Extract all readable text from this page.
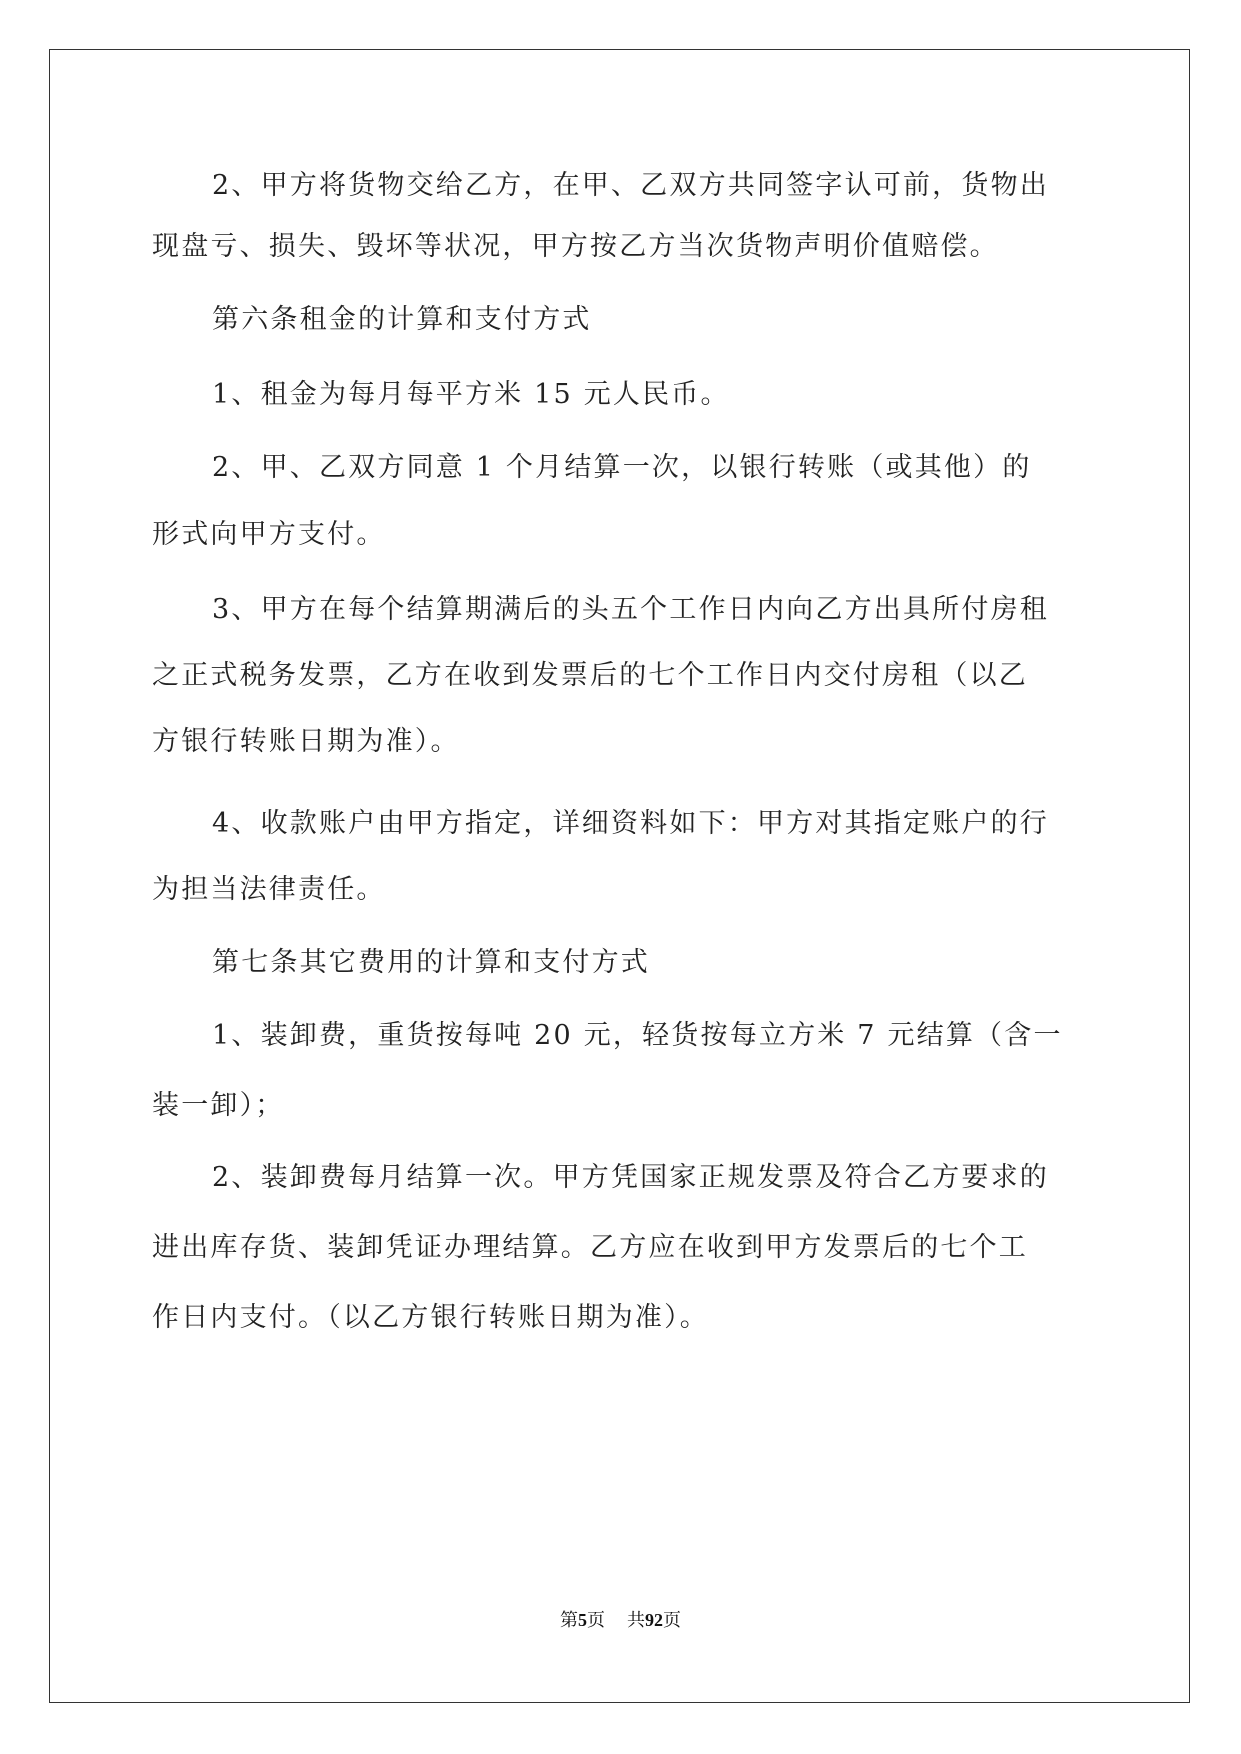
2、甲方将货物交给乙方，在甲、乙双方共同签字认可前，货物出
现盘亏、损失、毁坏等状况，甲方按乙方当次货物声明价值赔偿。
第六条租金的计算和支付方式
1、租金为每月每平方米 15 元人民币。
2、甲、乙双方同意 1 个月结算一次，以银行转账（或其他）的
形式向甲方支付。
3、甲方在每个结算期满后的头五个工作日内向乙方出具所付房租
之正式税务发票，乙方在收到发票后的七个工作日内交付房租（以乙
方银行转账日期为准）。
4、收款账户由甲方指定，详细资料如下：甲方对其指定账户的行
为担当法律责任。
第七条其它费用的计算和支付方式
1、装卸费，重货按每吨 20 元，轻货按每立方米 7 元结算（含一
装一卸）；
2、装卸费每月结算一次。甲方凭国家正规发票及符合乙方要求的
进出库存货、装卸凭证办理结算。乙方应在收到甲方发票后的七个工
作日内支付。（以乙方银行转账日期为准）。
第5页 共92页
